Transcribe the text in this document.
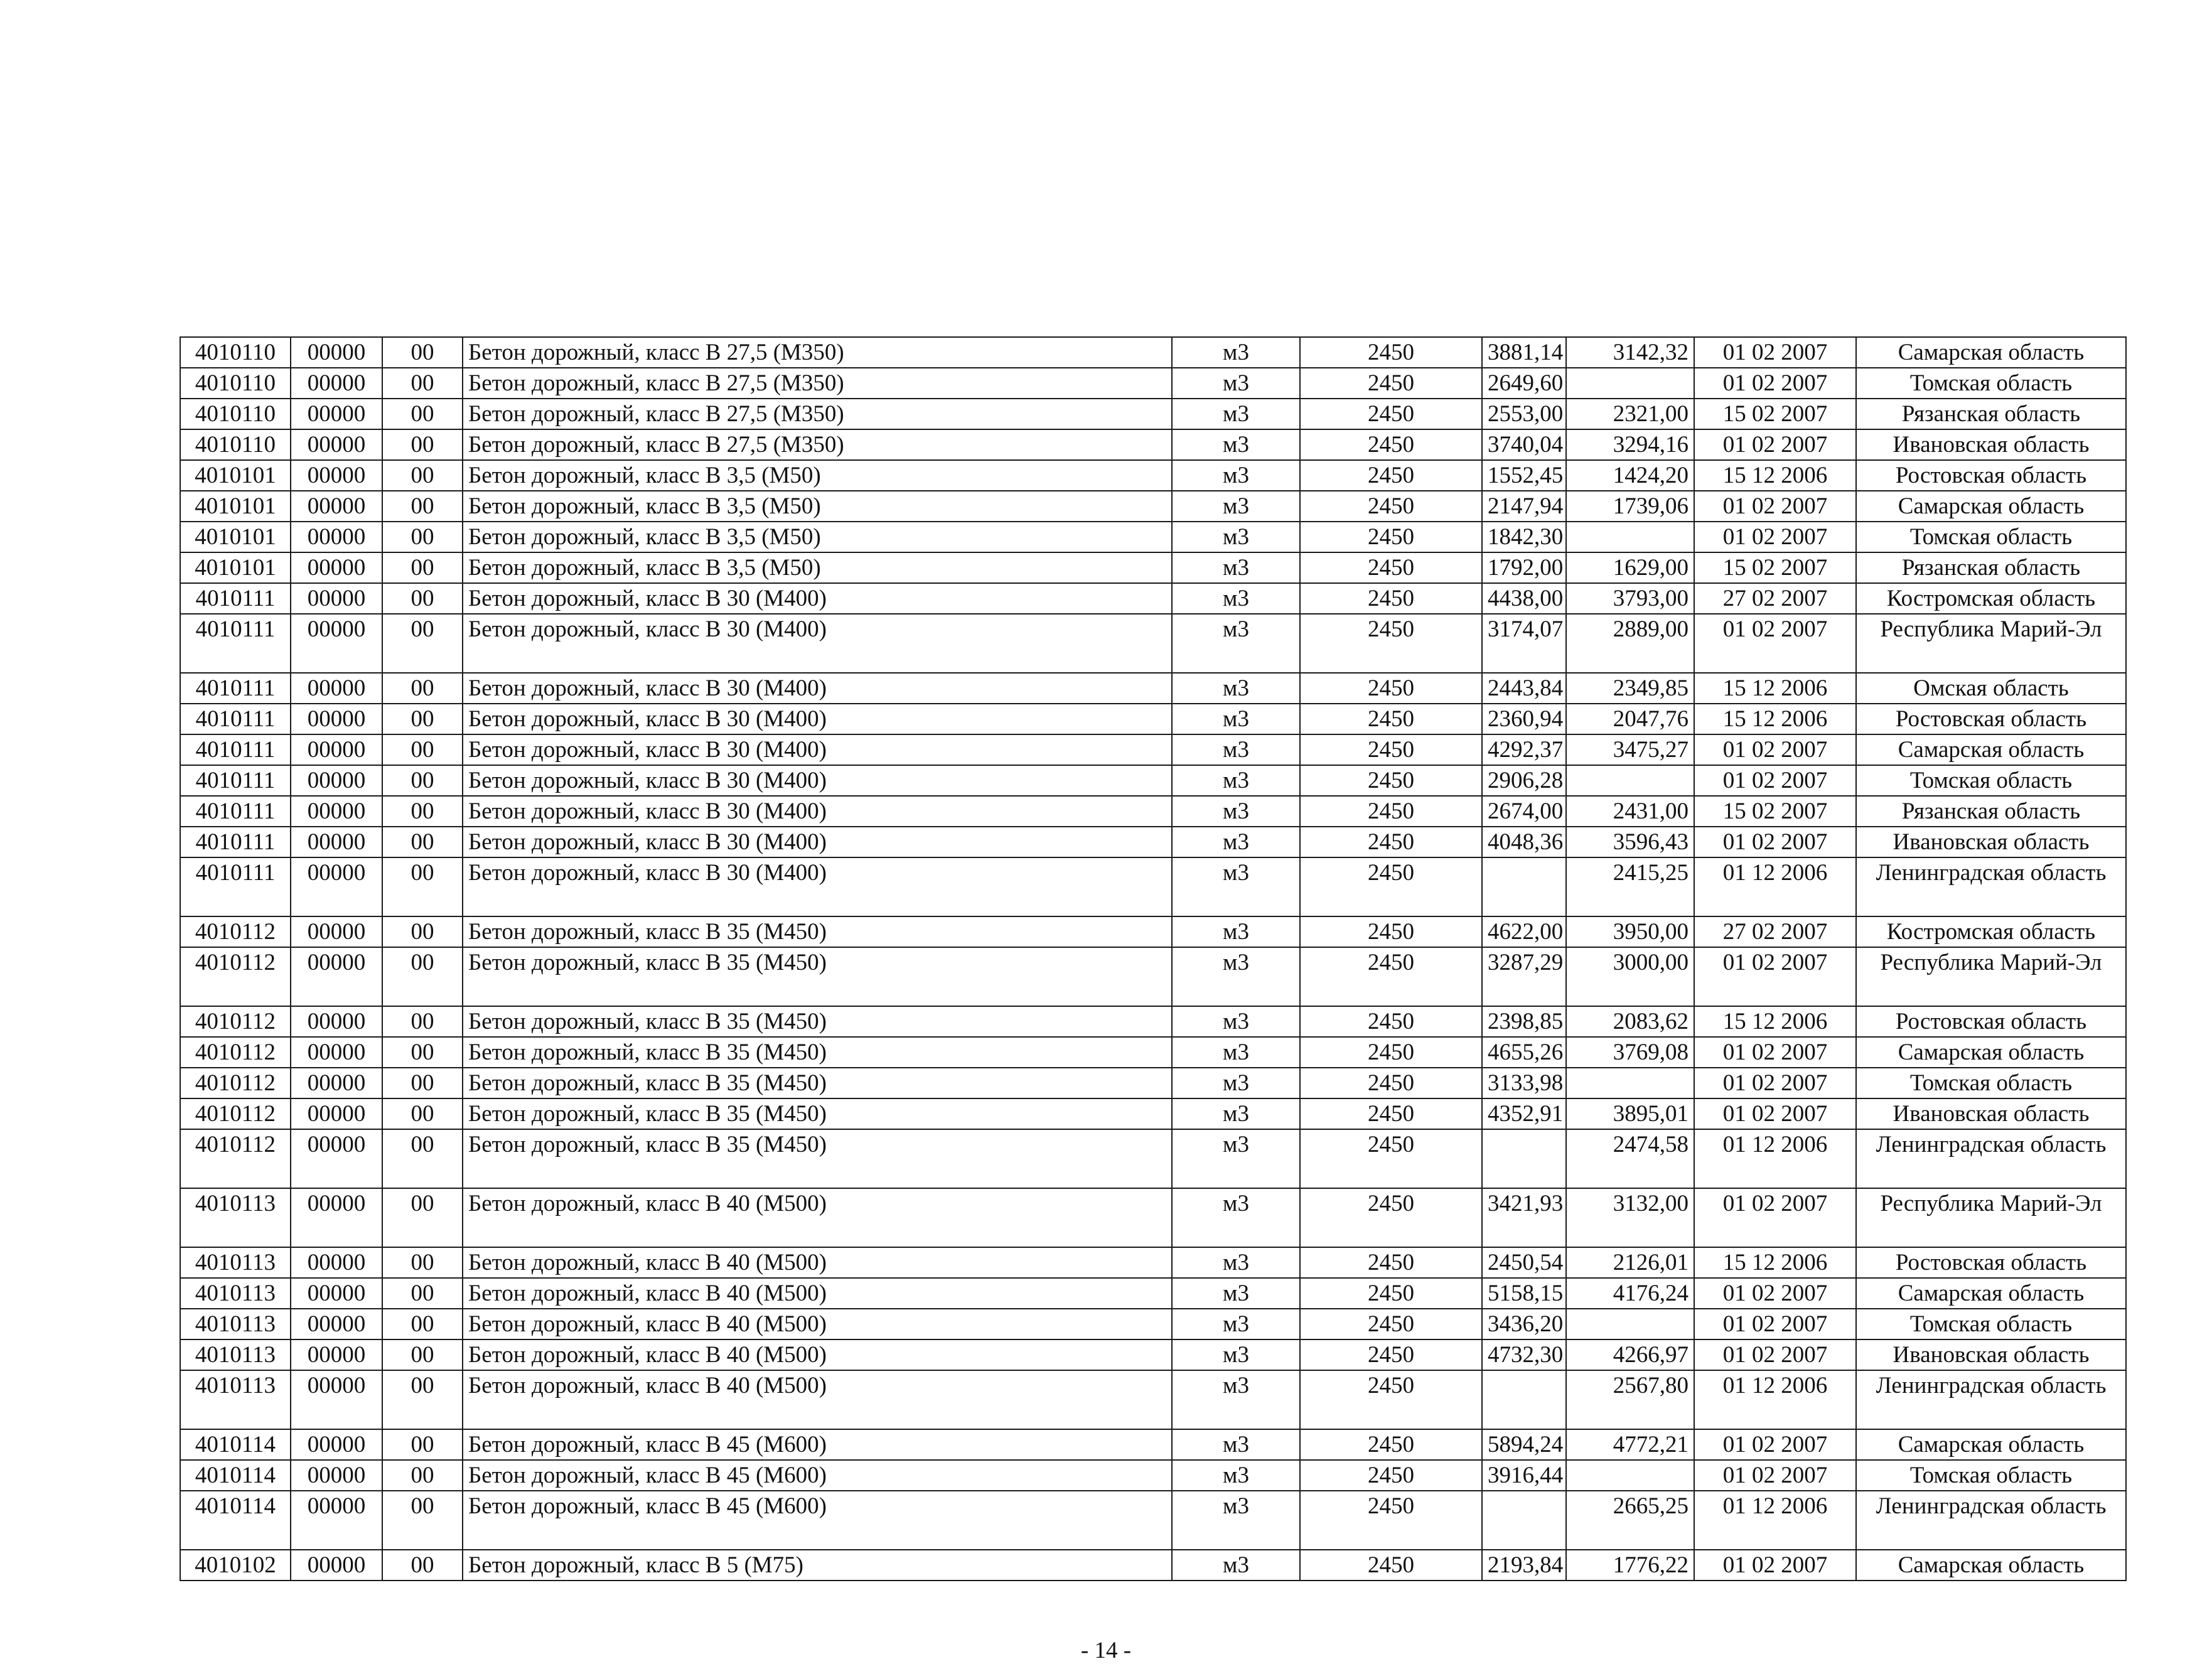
4010110	00000	00	Бетон дорожный, класс В 27,5 (М350)	м3	2450	3881,14	3142,32	01 02 2007	Самарская область
4010110	00000	00	Бетон дорожный, класс В 27,5 (М350)	м3	2450	2649,60		01 02 2007	Томская область
4010110	00000	00	Бетон дорожный, класс В 27,5 (М350)	м3	2450	2553,00	2321,00	15 02 2007	Рязанская область
4010110	00000	00	Бетон дорожный, класс В 27,5 (М350)	м3	2450	3740,04	3294,16	01 02 2007	Ивановская область
4010101	00000	00	Бетон дорожный, класс В 3,5 (М50)	м3	2450	1552,45	1424,20	15 12 2006	Ростовская область
4010101	00000	00	Бетон дорожный, класс В 3,5 (М50)	м3	2450	2147,94	1739,06	01 02 2007	Самарская область
4010101	00000	00	Бетон дорожный, класс В 3,5 (М50)	м3	2450	1842,30		01 02 2007	Томская область
4010101	00000	00	Бетон дорожный, класс В 3,5 (М50)	м3	2450	1792,00	1629,00	15 02 2007	Рязанская область
4010111	00000	00	Бетон дорожный, класс В 30 (М400)	м3	2450	4438,00	3793,00	27 02 2007	Костромская область
4010111	00000	00	Бетон дорожный, класс В 30 (М400)	м3	2450	3174,07	2889,00	01 02 2007	Республика Марий-Эл
4010111	00000	00	Бетон дорожный, класс В 30 (М400)	м3	2450	2443,84	2349,85	15 12 2006	Омская область
4010111	00000	00	Бетон дорожный, класс В 30 (М400)	м3	2450	2360,94	2047,76	15 12 2006	Ростовская область
4010111	00000	00	Бетон дорожный, класс В 30 (М400)	м3	2450	4292,37	3475,27	01 02 2007	Самарская область
4010111	00000	00	Бетон дорожный, класс В 30 (М400)	м3	2450	2906,28		01 02 2007	Томская область
4010111	00000	00	Бетон дорожный, класс В 30 (М400)	м3	2450	2674,00	2431,00	15 02 2007	Рязанская область
4010111	00000	00	Бетон дорожный, класс В 30 (М400)	м3	2450	4048,36	3596,43	01 02 2007	Ивановская область
4010111	00000	00	Бетон дорожный, класс В 30 (М400)	м3	2450		2415,25	01 12 2006	Ленинградская область
4010112	00000	00	Бетон дорожный, класс В 35 (М450)	м3	2450	4622,00	3950,00	27 02 2007	Костромская область
4010112	00000	00	Бетон дорожный, класс В 35 (М450)	м3	2450	3287,29	3000,00	01 02 2007	Республика Марий-Эл
4010112	00000	00	Бетон дорожный, класс В 35 (М450)	м3	2450	2398,85	2083,62	15 12 2006	Ростовская область
4010112	00000	00	Бетон дорожный, класс В 35 (М450)	м3	2450	4655,26	3769,08	01 02 2007	Самарская область
4010112	00000	00	Бетон дорожный, класс В 35 (М450)	м3	2450	3133,98		01 02 2007	Томская область
4010112	00000	00	Бетон дорожный, класс В 35 (М450)	м3	2450	4352,91	3895,01	01 02 2007	Ивановская область
4010112	00000	00	Бетон дорожный, класс В 35 (М450)	м3	2450		2474,58	01 12 2006	Ленинградская область
4010113	00000	00	Бетон дорожный, класс В 40 (М500)	м3	2450	3421,93	3132,00	01 02 2007	Республика Марий-Эл
4010113	00000	00	Бетон дорожный, класс В 40 (М500)	м3	2450	2450,54	2126,01	15 12 2006	Ростовская область
4010113	00000	00	Бетон дорожный, класс В 40 (М500)	м3	2450	5158,15	4176,24	01 02 2007	Самарская область
4010113	00000	00	Бетон дорожный, класс В 40 (М500)	м3	2450	3436,20		01 02 2007	Томская область
4010113	00000	00	Бетон дорожный, класс В 40 (М500)	м3	2450	4732,30	4266,97	01 02 2007	Ивановская область
4010113	00000	00	Бетон дорожный, класс В 40 (М500)	м3	2450		2567,80	01 12 2006	Ленинградская область
4010114	00000	00	Бетон дорожный, класс В 45 (М600)	м3	2450	5894,24	4772,21	01 02 2007	Самарская область
4010114	00000	00	Бетон дорожный, класс В 45 (М600)	м3	2450	3916,44		01 02 2007	Томская область
4010114	00000	00	Бетон дорожный, класс В 45 (М600)	м3	2450		2665,25	01 12 2006	Ленинградская область
4010102	00000	00	Бетон дорожный, класс В 5 (М75)	м3	2450	2193,84	1776,22	01 02 2007	Самарская область
- 14 -
